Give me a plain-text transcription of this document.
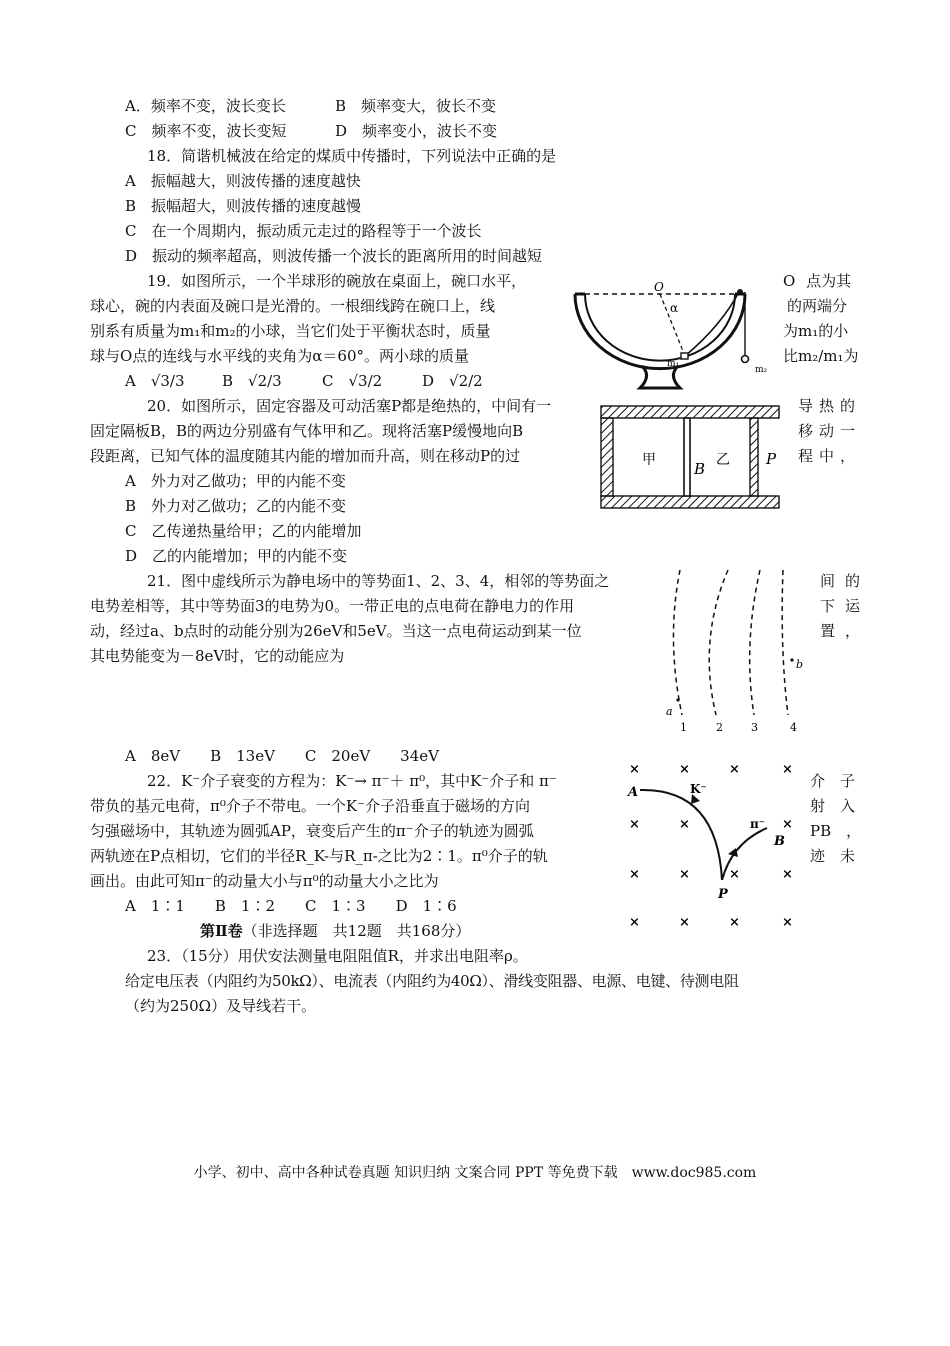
A．频率不变，波长变长	B　频率变大，彼长不变
C　频率不变，波长变短	D　频率变小，波长不变
18．简谐机械波在给定的煤质中传播时，下列说法中正确的是
A　振幅越大，则波传播的速度越快
B　振幅超大，则波传播的速度越慢
C　在一个周期内，振动质元走过的路程等于一个波长
D　振动的频率超高，则波传播一个波长的距离所用的时间越短
19．如图所示，一个半球形的碗放在桌面上，碗口水平，	O 点为其
球心，碗的内表面及碗口是光滑的。一根细线跨在碗口上，线	的两端分
别系有质量为m₁和m₂的小球，当它们处于平衡状态时，质量	为m₁的小
球与O点的连线与水平线的夹角为α＝60°。两小球的质量	比m₂/m₁为
A　√3/3 B　√2/3	C　√3/2	D　√2/2
O
α
m₁
m₂
20．如图所示，固定容器及可动活塞P都是绝热的，中间有一	导热的
固定隔板B，B的两边分别盛有气体甲和乙。现将活塞P缓慢地向B	移动一
段距离，已知气体的温度随其内能的增加而升高，则在移动P的过	程中，
A　外力对乙做功；甲的内能不变
B　外力对乙做功；乙的内能不变
C　乙传递热量给甲；乙的内能增加
D　乙的内能增加；甲的内能不变
甲	B 乙 P
21．图中虚线所示为静电场中的等势面1、2、3、4，相邻的等势面之	间的
电势差相等，其中等势面3的电势为0。一带正电的点电荷在静电力的作用	下运
动，经过a、b点时的动能分别为26eV和5eV。当这一点电荷运动到某一位	置，
其电势能变为－8eV时，它的动能应为
A　8eV　　B　13eV　　C　20eV　　34eV
a
b
1	2	3	4
22．K⁻介子衰变的方程为：K⁻→ π⁻＋ π⁰，其中K⁻介子和 π⁻	介　子
带负的基元电荷，π⁰介子不带电。一个K⁻介子沿垂直于磁场的方向	射　入
匀强磁场中，其轨迹为圆弧AP，衰变后产生的π⁻介子的轨迹为圆弧	PB　，
两轨迹在P点相切，它们的半径R_K-与R_π-之比为2∶1。π⁰介子的轨	迹　未
画出。由此可知π⁻的动量大小与π⁰的动量大小之比为
A　1∶1　　B　1∶2　　C　1∶3　　D　1∶6
×	×	×	×
×	×	×
×	×	×	×
×	×	×	×
A	K⁻
π⁻
B
P
第Ⅱ卷（非选择题　共12题　共168分）
23．（15分）用伏安法测量电阻阻值R，并求出电阻率ρ。
给定电压表（内阻约为50kΩ）、电流表（内阻约为40Ω）、滑线变阻器、电源、电键、待测电阻
（约为250Ω）及导线若干。
小学、初中、高中各种试卷真题 知识归纳 文案合同 PPT 等免费下载　www.doc985.com
